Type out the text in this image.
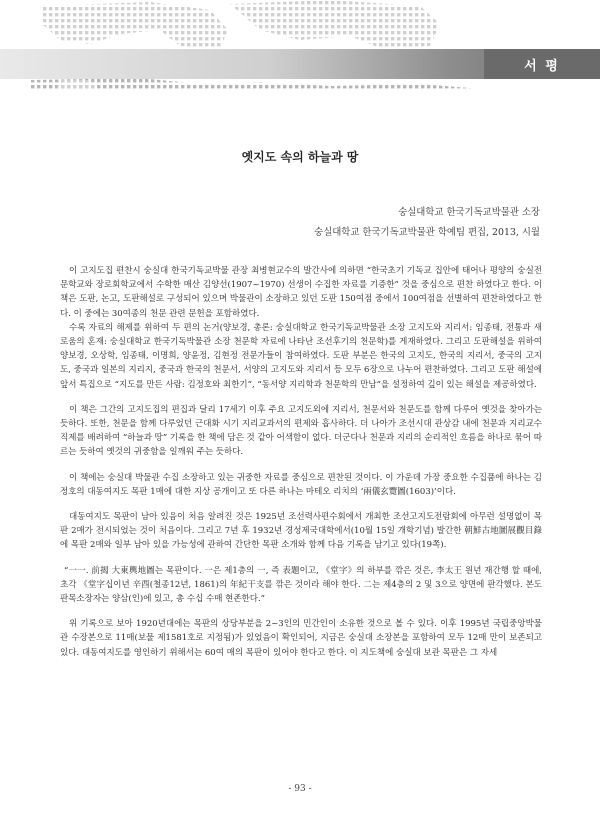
서 평
옛지도 속의 하늘과 땅
숭실대학교 한국기독교박물관 소장
숭실대학교 한국기독교박물관 학예팀 편집, 2013, 시월

이 고지도집 편찬시 숭실대 한국기독교박물 관장 최병현교수의 발간사에 의하면 “한국초기 기독교 집안에 태어나 평양의 숭실전문학교와 장로회학교에서 수학한 매산 김양선(1907~1970) 선생이 수집한 자료를 기증한” 것을 중심으로 편찬 하였다고 한다. 이 책은 도판, 논고, 도판해설로 구성되어 있으며 박물관이 소장하고 있던 도판 150여점 중에서 100여점을 선별하여 편찬하였다고 한다. 이 중에는 30여종의 천문 관련 문헌을 포함하였다.

수록 자료의 해제를 위하여 두 편의 논거(양보경, 총론: 숭실대학교 한국기독교박물관 소장 고지도와 지리서: 임종태, 전통과 새로움의 혼재: 숭실대학교 한국기독박물관 소장 천문학 자료에 나타난 조선후기의 천문학)를 게재하였다. 그리고 도판해설을 위하여 양보경, 오상학, 임종태, 이명희, 양윤정, 김현정 전문가들이 참여하였다. 도판 부분은 한국의 고지도, 한국의 지리서, 중국의 고지도, 중국과 일본의 지리지, 중국과 한국의 천문서, 서양의 고지도와 지리서 등 모두 6장으로 나누어 편찬하였다. 그리고 도판 해설에 앞서 특집으로 “지도를 만든 사람: 김정호와 최한기”, “동서양 지리학과 천문학의 만남”을 설정하여 깊이 있는 해설을 제공하였다.

이 책은 그간의 고지도집의 편집과 달리 17세기 이후 주요 고지도외에 지리서, 천문서와 천문도를 함께 다루어 옛것을 찾아가는 듯하다. 또한, 천문을 함께 다루었던 근대화 시기 지리교과서의 편제와 흡사하다. 더 나아가 조선시대 관상감 내에 천문과 지리교수 직제를 배려하여 “하늘과 땅” 기록을 한 책에 담은 것 같아 어색함이 없다. 더군다나 천문과 지리의 순리적인 흐름을 하나로 묶어 따르는 듯하여 옛것의 귀중함을 일깨워 주는 듯하다.

이 책에는 숭실대 박물관 수집 소장하고 있는 귀중한 자료를 중심으로 편찬된 것이다. 이 가운데 가장 중요한 수집품에 하나는 김정호의 대동여지도 목판 1매에 대한 지상 공개이고 또 다른 하나는 마테오 리치의 ‘兩儀玄覽圖(1603)’이다.

대동여지도 목판이 남아 있음이 처음 알려진 것은 1925년 조선력사편수회에서 개최한 조선고지도전람회에 아무런 설명없이 목판 2매가 전시되었는 것이 처음이다. 그리고 7년 후 1932년 경성제국대학에서(10월 15일 개학기념) 발간한 朝鮮古地圖展觀目錄에 목판 2매와 일부 남아 있을 가능성에 관하여 간단한 목판 소개와 함께 다음 기록을 남기고 있다(19쪽).

“一一. 前揭 大東輿地圖는 목판이다. 一은 제1층의 一, 즉 表題이고, 《堂字》의 하부를 깎은 것은, 李太王 원년 재간행 할 때에, 초각 《堂字십이년 辛酉(철종12년, 1861)의 年紀干支를 깎은 것이라 해야 한다. 二는 제4층의 2 및 3으로 양면에 판각했다. 본도 판목소장자는 양삼(인)에 있고, 총 수십 수매 현존한다.”

위 기록으로 보아 1920년대에는 목판의 상당부분을 2~3인의 민간인이 소유한 것으로 볼 수 있다. 이후 1995년 국립중앙박물관 수장본으로 11매(보물 제1581호로 지정됨)가 있었음이 확인되어, 지금은 숭실대 소장본을 포함하여 모두 12매 만이 보존되고 있다. 대동여지도를 영인하기 위해서는 60여 매의 목판이 있어야 한다고 한다. 이 지도책에 숭실대 보관 목판은 그 자세

- 93 -
